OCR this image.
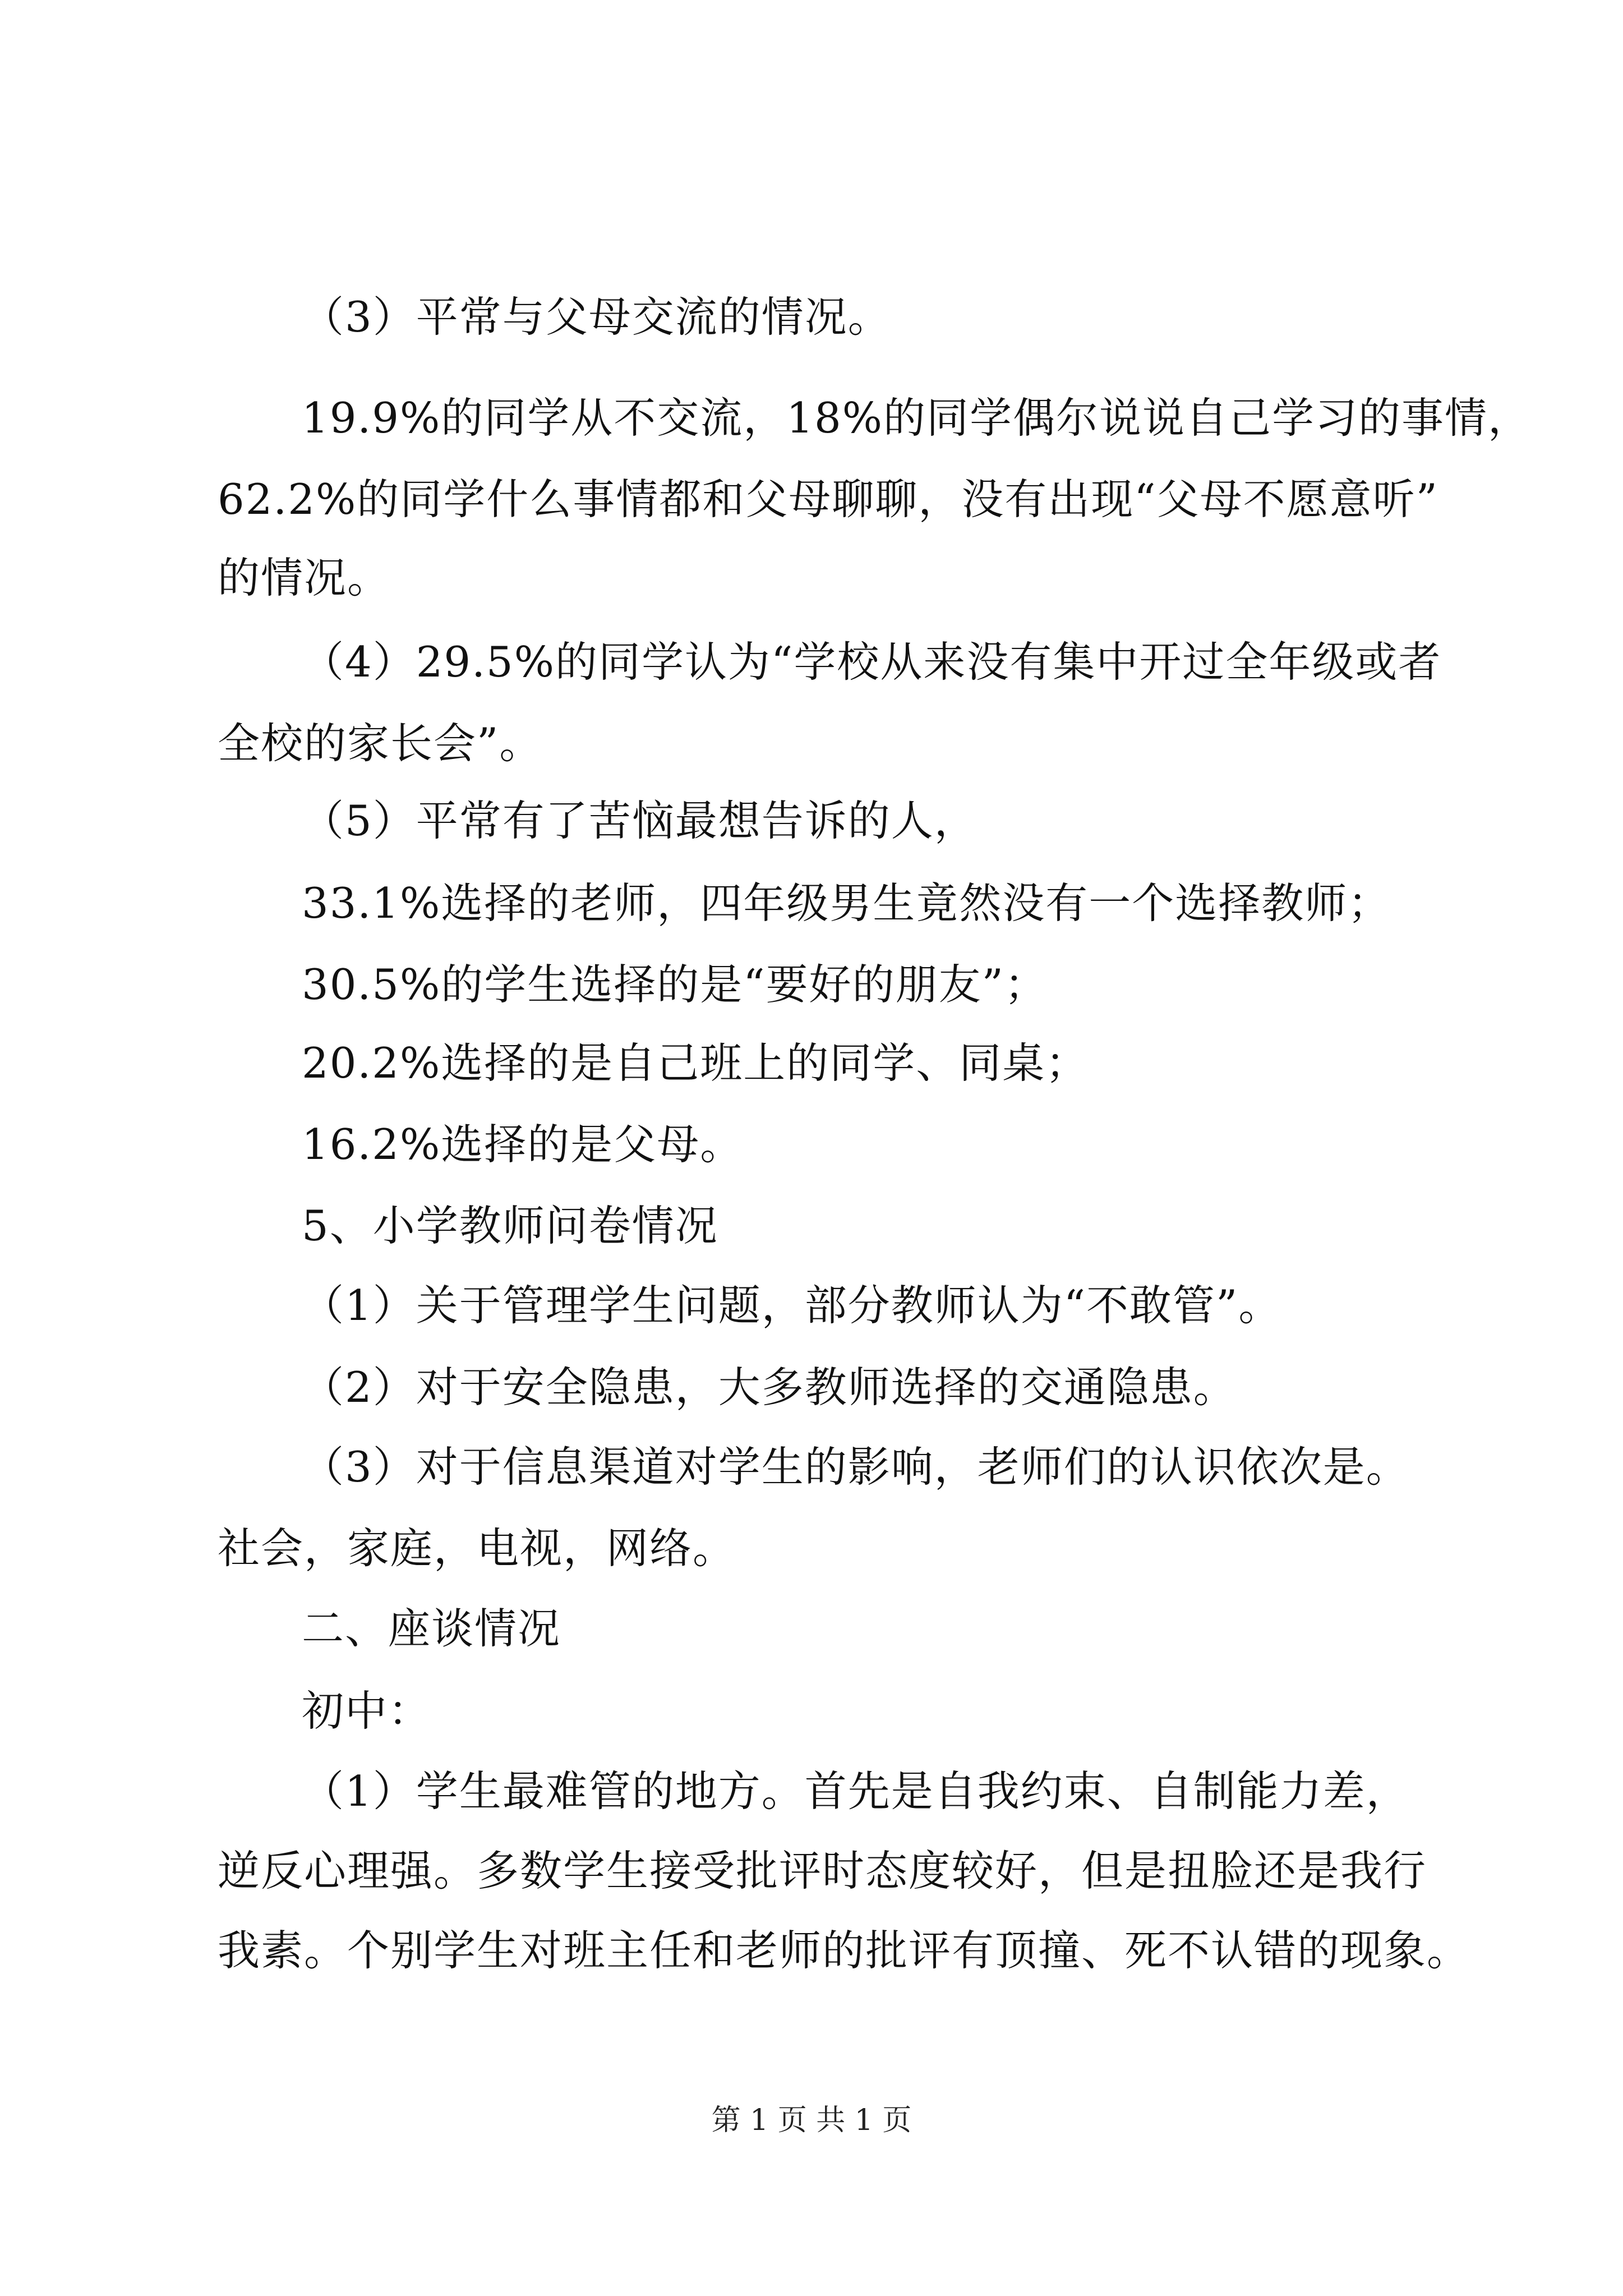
（3）平常与父母交流的情况。
19.9%的同学从不交流，18%的同学偶尔说说自己学习的事情，
62.2%的同学什么事情都和父母聊聊，没有出现“父母不愿意听”
的情况。
（4）29.5%的同学认为“学校从来没有集中开过全年级或者
全校的家长会”。
（5）平常有了苦恼最想告诉的人，
33.1%选择的老师，四年级男生竟然没有一个选择教师；
30.5%的学生选择的是“要好的朋友”；
20.2%选择的是自己班上的同学、同桌；
16.2%选择的是父母。
5、小学教师问卷情况
（1）关于管理学生问题，部分教师认为“不敢管”。
（2）对于安全隐患，大多教师选择的交通隐患。
（3）对于信息渠道对学生的影响，老师们的认识依次是。
社会，家庭，电视，网络。
二、座谈情况
初中：
（1）学生最难管的地方。首先是自我约束、自制能力差，
逆反心理强。多数学生接受批评时态度较好，但是扭脸还是我行
我素。个别学生对班主任和老师的批评有顶撞、死不认错的现象。
第 1 页 共 1 页
